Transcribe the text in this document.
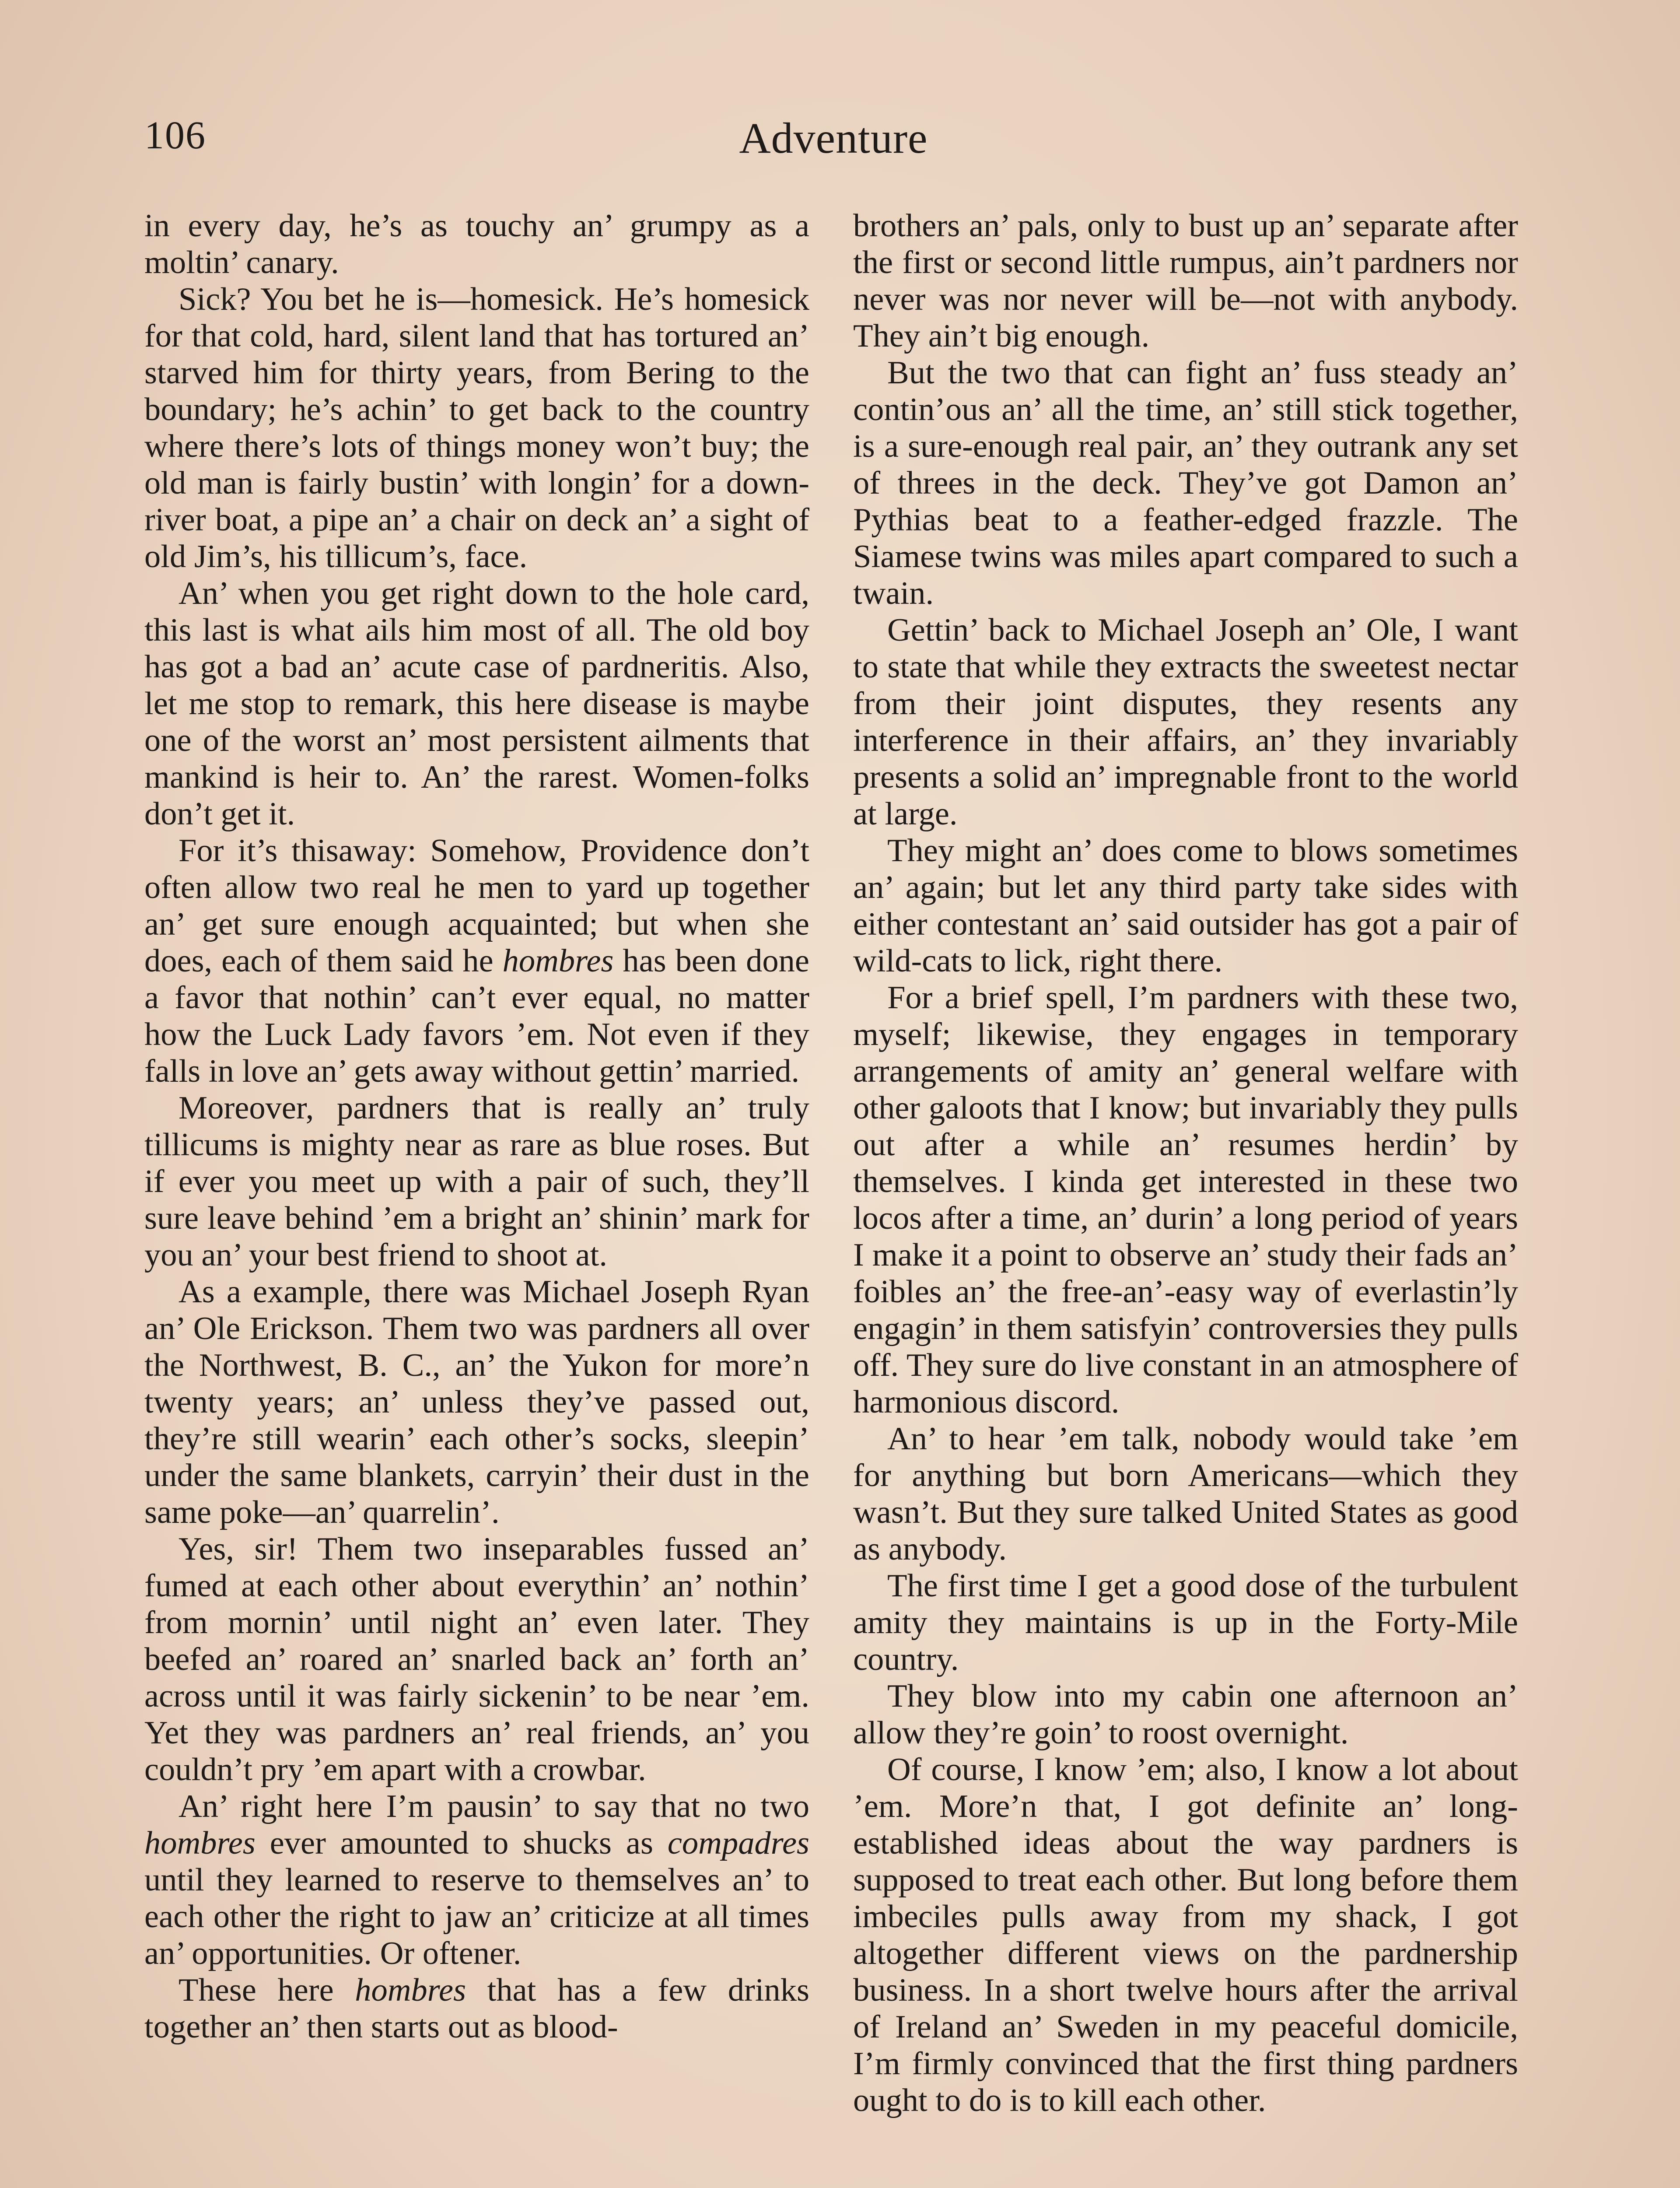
106	Adventure

in every day, he’s as touchy an’ grumpy as a moltin’ canary.

Sick? You bet he is—homesick. He’s homesick for that cold, hard, silent land that has tortured an’ starved him for thirty years, from Bering to the boundary; he’s achin’ to get back to the country where there’s lots of things money won’t buy; the old man is fairly bustin’ with longin’ for a down-river boat, a pipe an’ a chair on deck an’ a sight of old Jim’s, his tillicum’s, face.

An’ when you get right down to the hole card, this last is what ails him most of all. The old boy has got a bad an’ acute case of pardneritis. Also, let me stop to remark, this here disease is maybe one of the worst an’ most persistent ailments that mankind is heir to. An’ the rarest. Women-folks don’t get it.

For it’s thisaway: Somehow, Providence don’t often allow two real he men to yard up together an’ get sure enough acquainted; but when she does, each of them said he hombres has been done a favor that nothin’ can’t ever equal, no matter how the Luck Lady favors ’em. Not even if they falls in love an’ gets away without gettin’ married.

Moreover, pardners that is really an’ truly tillicums is mighty near as rare as blue roses. But if ever you meet up with a pair of such, they’ll sure leave behind ’em a bright an’ shinin’ mark for you an’ your best friend to shoot at.

As a example, there was Michael Joseph Ryan an’ Ole Erickson. Them two was pardners all over the Northwest, B. C., an’ the Yukon for more’n twenty years; an’ unless they’ve passed out, they’re still wearin’ each other’s socks, sleepin’ under the same blankets, carryin’ their dust in the same poke—an’ quarrelin’.

Yes, sir! Them two inseparables fussed an’ fumed at each other about everythin’ an’ nothin’ from mornin’ until night an’ even later. They beefed an’ roared an’ snarled back an’ forth an’ across until it was fairly sickenin’ to be near ’em. Yet they was pardners an’ real friends, an’ you couldn’t pry ’em apart with a crowbar.

An’ right here I’m pausin’ to say that no two hombres ever amounted to shucks as compadres until they learned to reserve to themselves an’ to each other the right to jaw an’ criticize at all times an’ opportunities. Or oftener.

These here hombres that has a few drinks together an’ then starts out as blood-

brothers an’ pals, only to bust up an’ separate after the first or second little rumpus, ain’t pardners nor never was nor never will be—not with anybody. They ain’t big enough.

But the two that can fight an’ fuss steady an’ contin’ous an’ all the time, an’ still stick together, is a sure-enough real pair, an’ they outrank any set of threes in the deck. They’ve got Damon an’ Pythias beat to a feather-edged frazzle. The Siamese twins was miles apart compared to such a twain.

Gettin’ back to Michael Joseph an’ Ole, I want to state that while they extracts the sweetest nectar from their joint disputes, they resents any interference in their affairs, an’ they invariably presents a solid an’ impregnable front to the world at large.

They might an’ does come to blows sometimes an’ again; but let any third party take sides with either contestant an’ said outsider has got a pair of wild-cats to lick, right there.

For a brief spell, I’m pardners with these two, myself; likewise, they engages in temporary arrangements of amity an’ general welfare with other galoots that I know; but invariably they pulls out after a while an’ resumes herdin’ by themselves. I kinda get interested in these two locos after a time, an’ durin’ a long period of years I make it a point to observe an’ study their fads an’ foibles an’ the free-an’-easy way of everlastin’ly engagin’ in them satisfyin’ controversies they pulls off. They sure do live constant in an atmosphere of harmonious discord.

An’ to hear ’em talk, nobody would take ’em for anything but born Americans—which they wasn’t. But they sure talked United States as good as anybody.

The first time I get a good dose of the turbulent amity they maintains is up in the Forty-Mile country.

They blow into my cabin one afternoon an’ allow they’re goin’ to roost overnight.

Of course, I know ’em; also, I know a lot about ’em. More’n that, I got definite an’ long-established ideas about the way pardners is supposed to treat each other. But long before them imbeciles pulls away from my shack, I got altogether different views on the pardnership business. In a short twelve hours after the arrival of Ireland an’ Sweden in my peaceful domicile, I’m firmly convinced that the first thing pardners ought to do is to kill each other.
